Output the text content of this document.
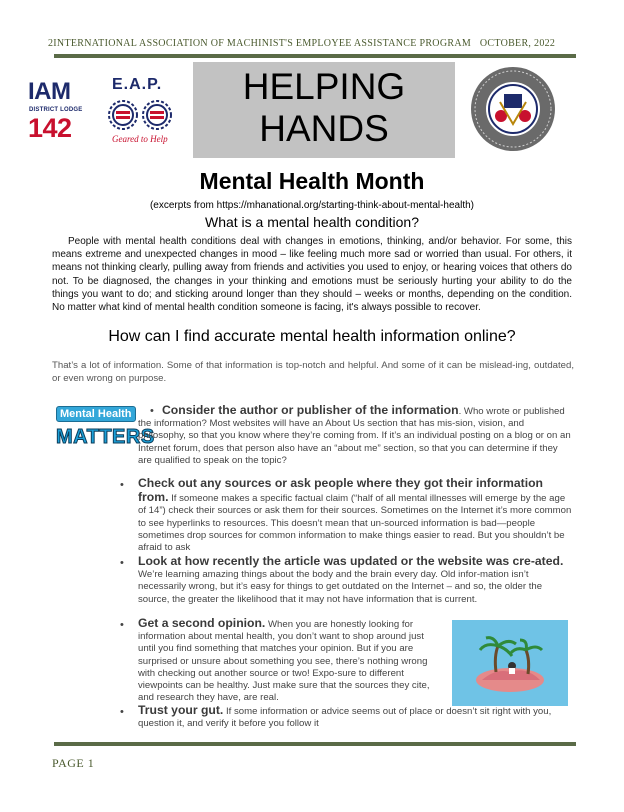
2INTERNATIONAL ASSOCIATION OF MACHINIST'S EMPLOYEE ASSISTANCE PROGRAM OCTOBER, 2022
IAM
DISTRICT LODGE
142
E.A.P.
Geared to Help
HELPING
HANDS
Mental Health Month
(excerpts from https://mhanational.org/starting-think-about-mental-health)
What is a mental health condition?
People with mental health conditions deal with changes in emotions, thinking, and/or behavior. For some, this means extreme and unexpected changes in mood – like feeling much more sad or worried than usual. For others, it means not thinking clearly, pulling away from friends and activities you used to enjoy, or hearing voices that others do not. To be diagnosed, the changes in your thinking and emotions must be seriously hurting your ability to do the things you want to do; and sticking around longer than they should – weeks or months, depending on the condition. No matter what kind of mental health condition someone is facing, it's always possible to recover.
How can I find accurate mental health information online?
That’s a lot of information. Some of that information is top-notch and helpful. And some of it can be mislead-ing, outdated, or even wrong on purpose.
Mental Health
MATTERS
• Consider the author or publisher of the information. Who wrote or published the information? Most websites will have an About Us section that has mis-sion, vision, and philosophy, so that you know where they’re coming from. If it’s an individual posting on a blog or on an Internet forum, does that person also have an “about me” section, so that you can determine if they are qualified to speak on the topic?
• Check out any sources or ask people where they got their information from. If someone makes a specific factual claim (“half of all mental illnesses will emerge by the age of 14”) check their sources or ask them for their sources. Sometimes on the Internet it’s more common to see hyperlinks to resources. This doesn’t mean that un-sourced information is bad—people sometimes drop sources for common information to make things easier to read. But you shouldn’t be afraid to ask
• Look at how recently the article was updated or the website was cre-ated. We’re learning amazing things about the body and the brain every day. Old infor-mation isn’t necessarily wrong, but it’s easy for things to get outdated on the Internet – and so, the older the source, the greater the likelihood that it may not have information that is current.
• Get a second opinion. When you are honestly looking for information about mental health, you don’t want to shop around just until you find something that matches your opinion. But if you are surprised or unsure about something you see, there’s nothing wrong with checking out another source or two! Expo-sure to different viewpoints can be healthy. Just make sure that the sources they cite, and research they have, are real.
• Trust your gut. If some information or advice seems out of place or doesn’t sit right with you, question it, and verify it before you follow it
PAGE 1
